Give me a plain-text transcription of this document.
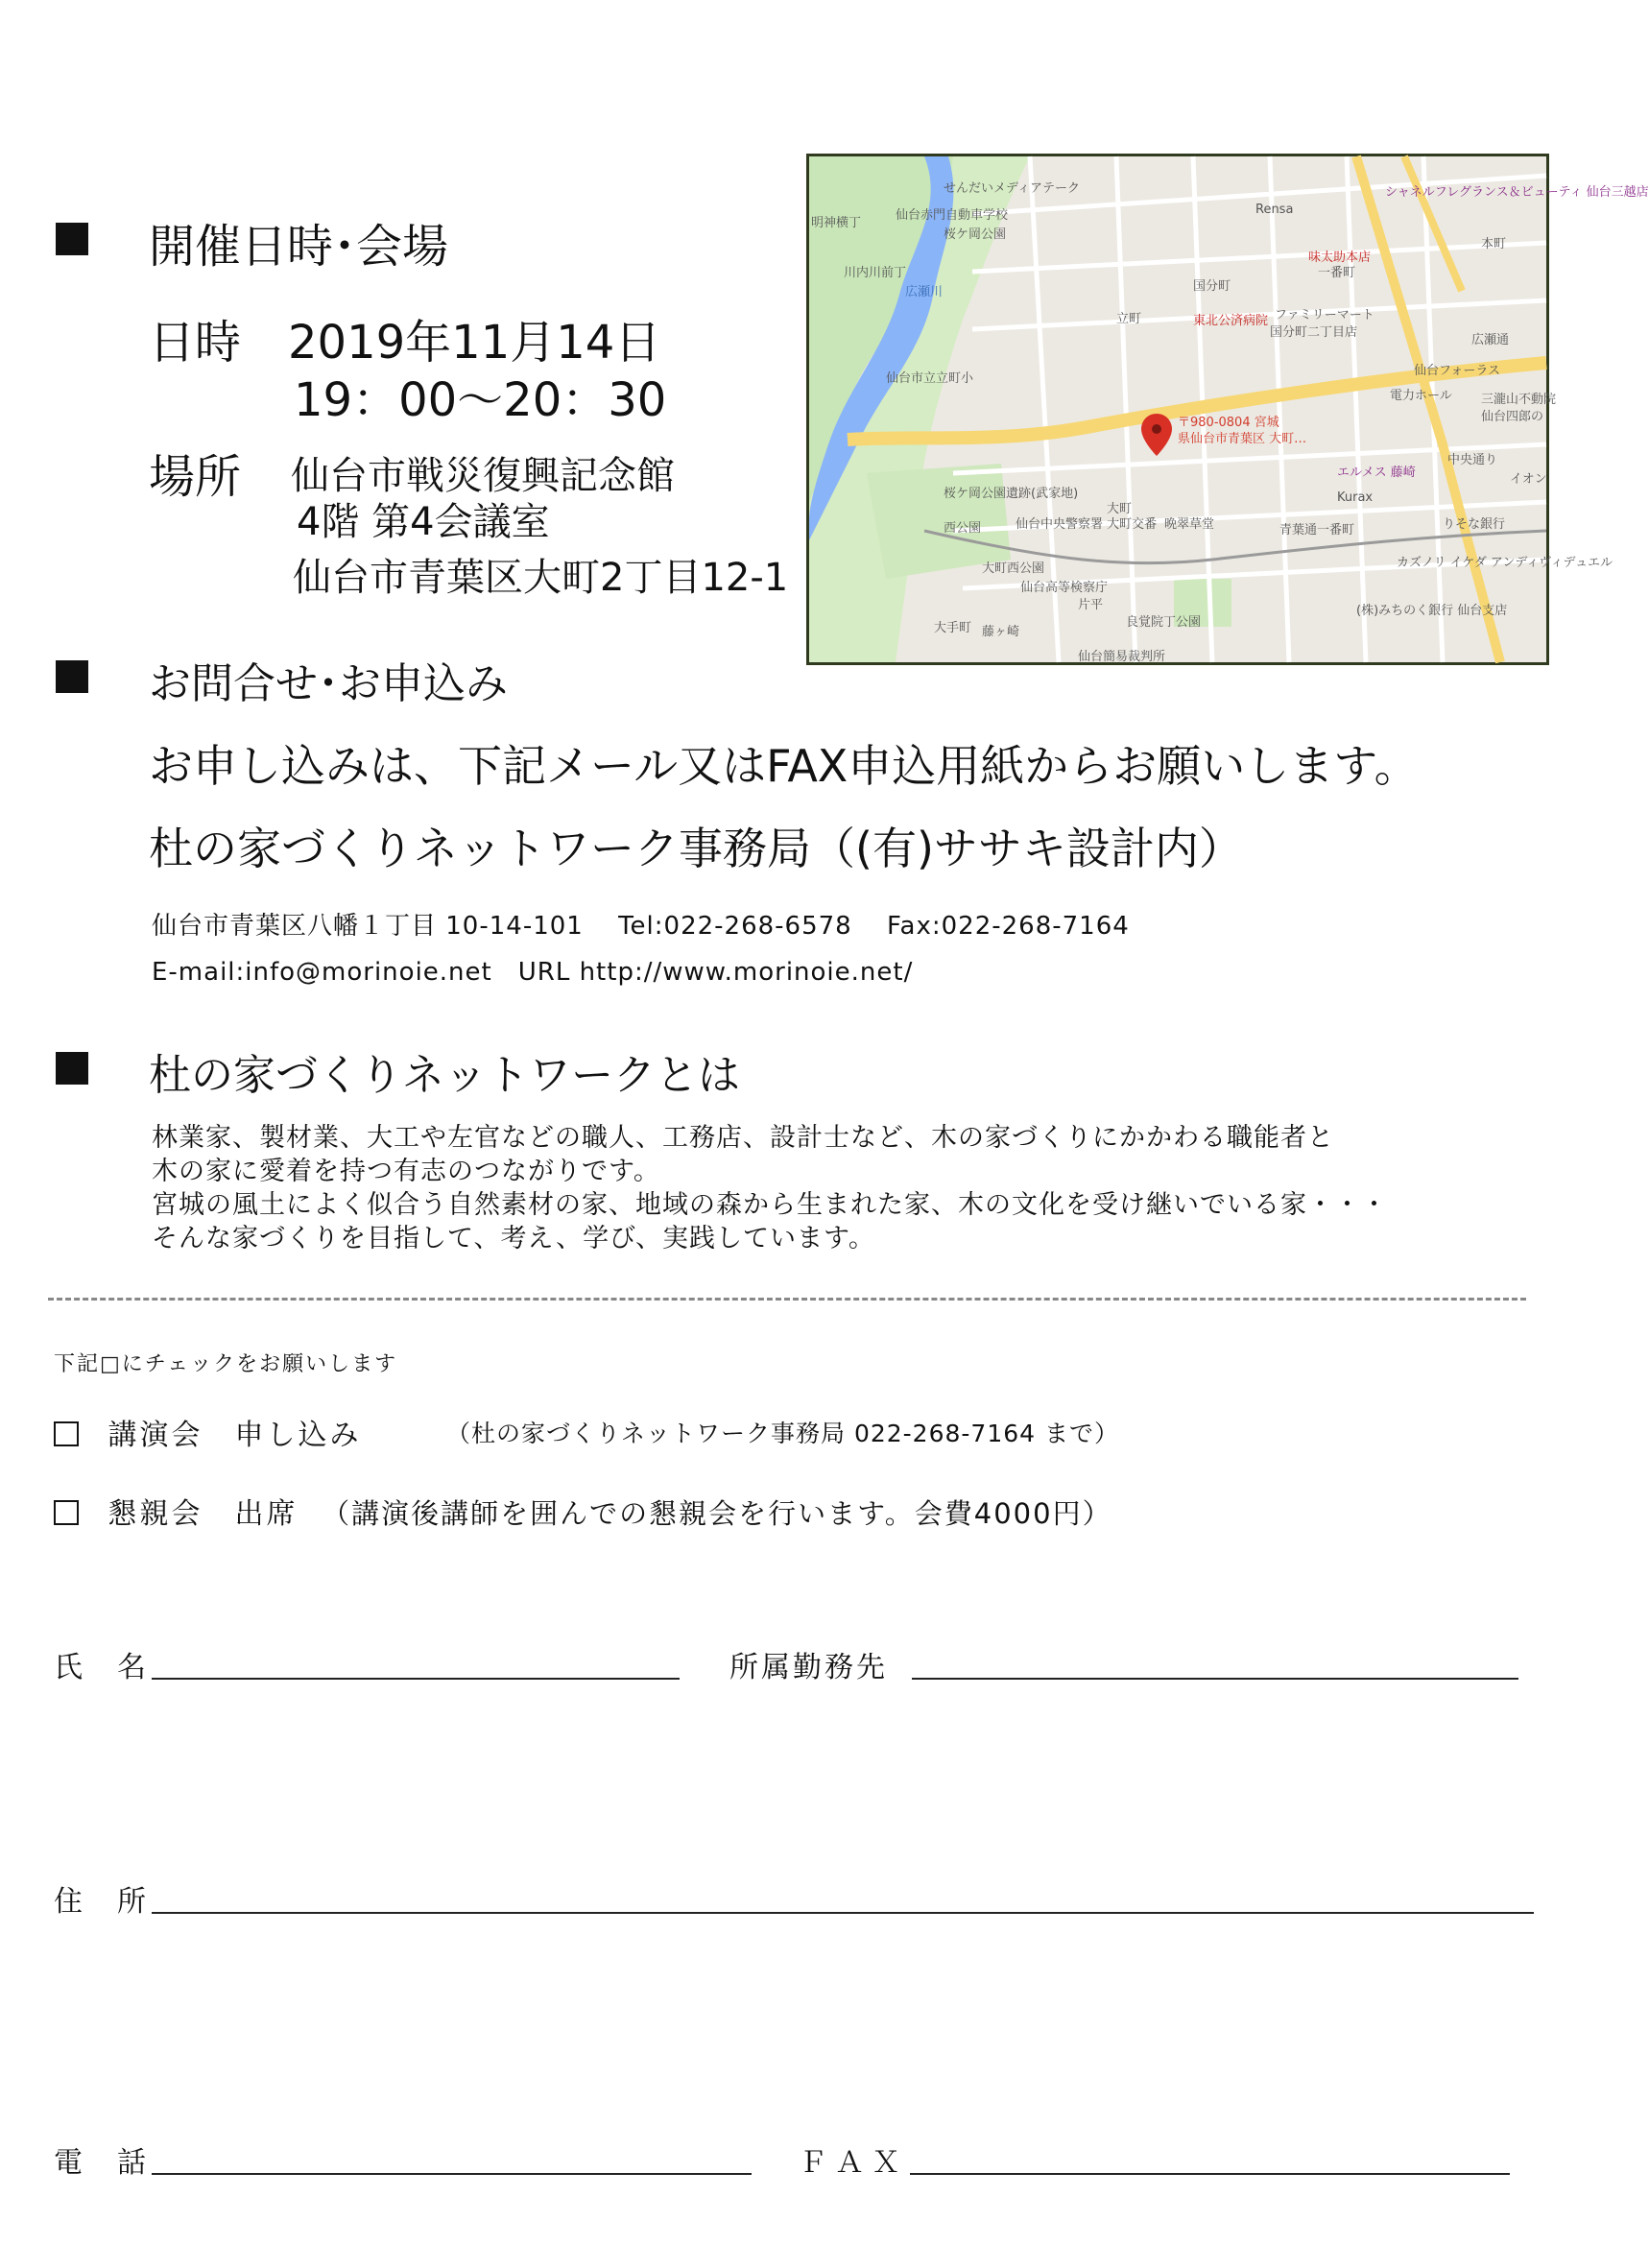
開催日時･会場
日時 2019年11月14日
19：00～20：30
場所 仙台市戦災復興記念館
4階 第4会議室
仙台市青葉区大町2丁目12-1
〒980-0804 宮城
県仙台市青葉区 大町…
せんだいメディアテーク
仙台赤門自動車学校
桜ケ岡公園
明神横丁
川内川前丁
広瀬川
仙台市立立町小
立町
国分町
東北公済病院 ファミリーマート
国分町二丁目店
Rensa
一番町
味太助本店
シャネルフレグランス＆ビューティ 仙台三越店
仙台フォーラス
電力ホール
エルメス 藤崎
Kurax
青葉通一番町
晩翠草堂
桜ケ岡公園遺跡(武家地)
西公園	仙台中央警察署 大町交番
大町
大町西公園
仙台高等検察庁
片平
大手町 藤ヶ崎
良覚院丁公園
仙台簡易裁判所
(株)みちのく銀行 仙台支店
カズノリ イケダ アンディヴィデュエル
りそな銀行
広瀬通
中央通り
イオン
本町
三瀧山不動院
仙台四郎の
お問合せ･お申込み
お申し込みは、下記メール又はFAX申込用紙からお願いします。
杜の家づくりネットワーク事務局（(有)ササキ設計内）
仙台市青葉区八幡１丁目 10-14-101　 Tel:022-268-6578　 Fax:022-268-7164
E-mail:info@morinoie.net　URL http://www.morinoie.net/
杜の家づくりネットワークとは
林業家、製材業、大工や左官などの職人、工務店、設計士など、木の家づくりにかかわる職能者と
木の家に愛着を持つ有志のつながりです。
宮城の風土によく似合う自然素材の家、地域の森から生まれた家、木の文化を受け継いでいる家・・・
そんな家づくりを目指して、考え、学び、実践しています。
下記□にチェックをお願いします
講演会　申し込み	（杜の家づくりネットワーク事務局 022-268-7164 まで）
懇親会　出席 （講演後講師を囲んでの懇親会を行います。会費4000円）
氏　名	所属勤務先
住　所
電　話	ＦＡＸ
